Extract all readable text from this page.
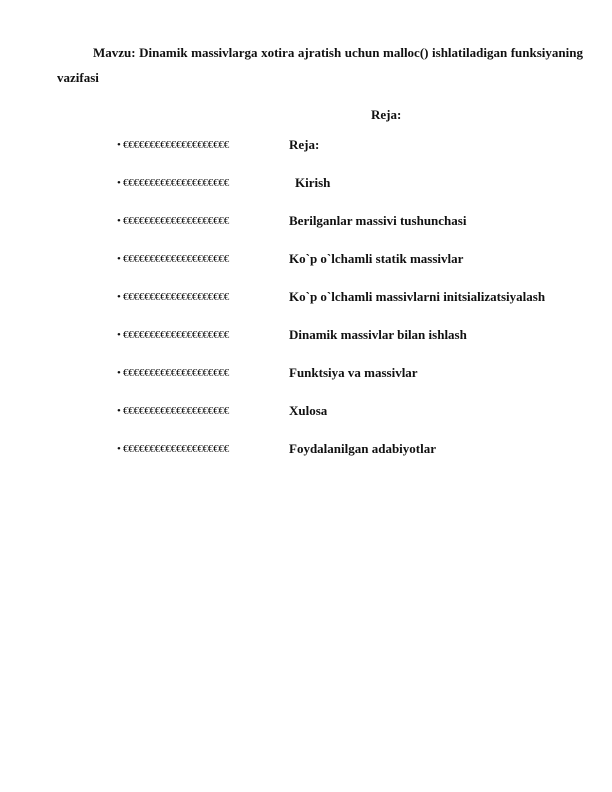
Mavzu: Dinamik massivlarga xotira ajratish uchun malloc() ishlatiladigan funksiyaning vazifasi
Reja:
• €€€€€€€€€€€€€€€€€€€€	Reja:
• €€€€€€€€€€€€€€€€€€€€	Kirish
• €€€€€€€€€€€€€€€€€€€€	Berilganlar massivi tushunchasi
• €€€€€€€€€€€€€€€€€€€€	Ko`p o`lchamli statik massivlar
• €€€€€€€€€€€€€€€€€€€€	Ko`p o`lchamli massivlarni initsializatsiyalash
• €€€€€€€€€€€€€€€€€€€€	Dinamik massivlar bilan ishlash
• €€€€€€€€€€€€€€€€€€€€	Funktsiya va massivlar
• €€€€€€€€€€€€€€€€€€€€	Xulosa
• €€€€€€€€€€€€€€€€€€€€	Foydalanilgan adabiyotlar
